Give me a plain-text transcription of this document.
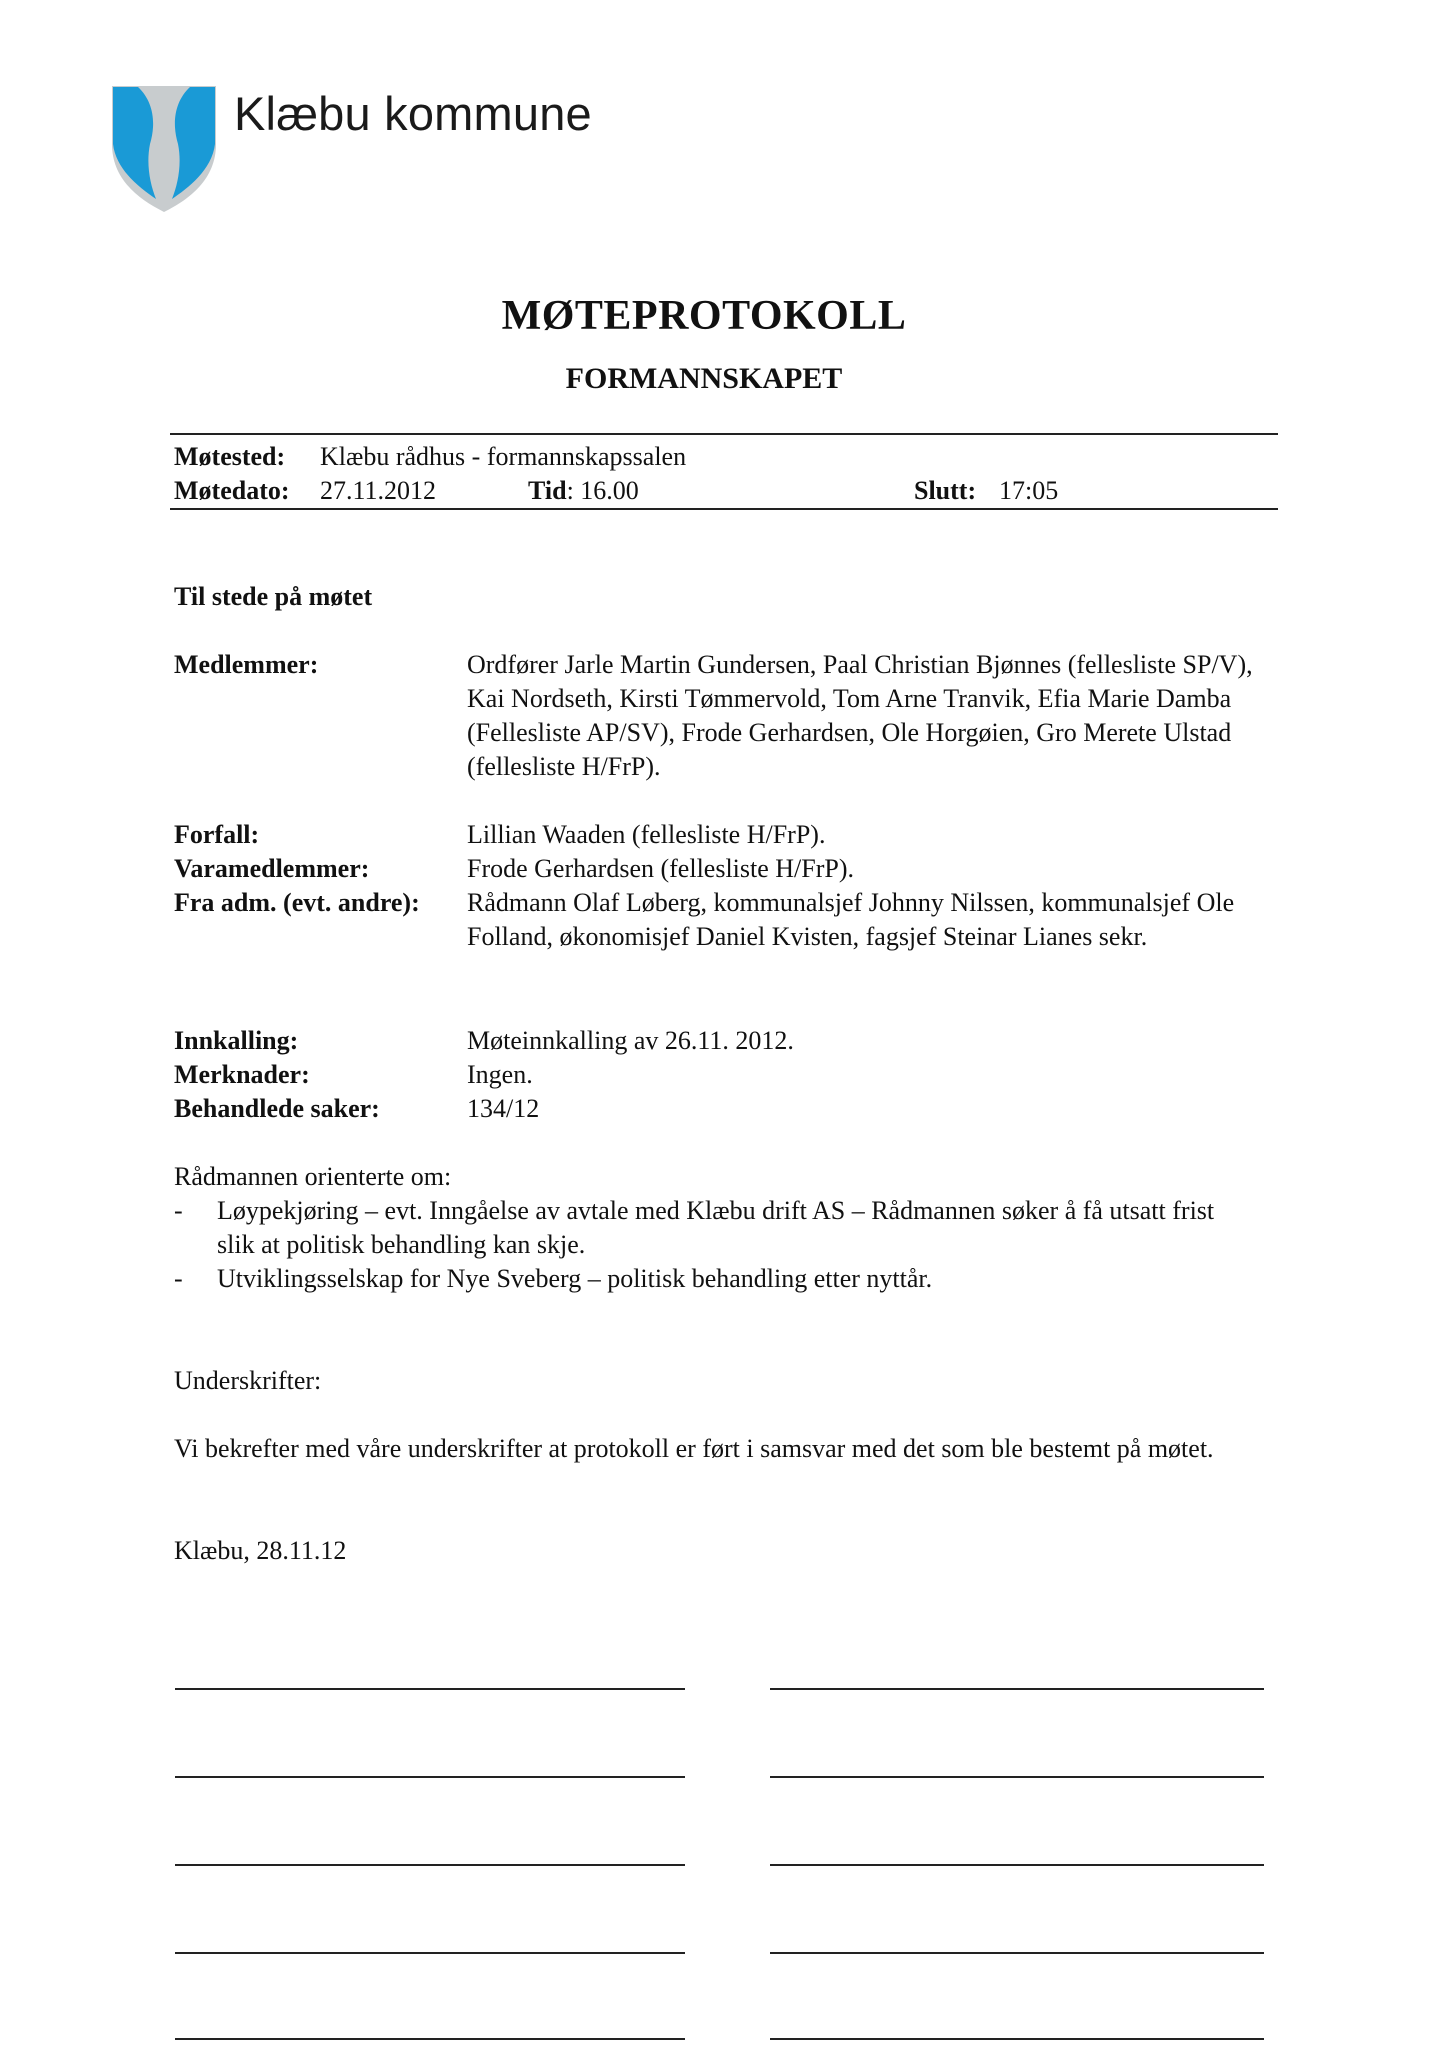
Klæbu kommune
MØTEPROTOKOLL
FORMANNSKAPET
Møtested: Klæbu rådhus - formannskapssalen
Møtedato: 27.11.2012	Tid: 16.00	Slutt: 17:05
Til stede på møtet
Medlemmer:	Ordfører Jarle Martin Gundersen, Paal Christian Bjønnes (fellesliste SP/V), Kai Nordseth, Kirsti Tømmervold, Tom Arne Tranvik, Efia Marie Damba (Fellesliste AP/SV), Frode Gerhardsen, Ole Horgøien, Gro Merete Ulstad (fellesliste H/FrP).
Forfall:	Lillian Waaden (fellesliste H/FrP).
Varamedlemmer:	Frode Gerhardsen (fellesliste H/FrP).
Fra adm. (evt. andre): Rådmann Olaf Løberg, kommunalsjef Johnny Nilssen, kommunalsjef Ole Folland, økonomisjef Daniel Kvisten, fagsjef Steinar Lianes sekr.
Innkalling:	Møteinnkalling av 26.11. 2012.
Merknader:	Ingen.
Behandlede saker:	134/12
Rådmannen orienterte om:
- Løypekjøring – evt. Inngåelse av avtale med Klæbu drift AS – Rådmannen søker å få utsatt frist slik at politisk behandling kan skje.
- Utviklingsselskap for Nye Sveberg – politisk behandling etter nyttår.
Underskrifter:
Vi bekrefter med våre underskrifter at protokoll er ført i samsvar med det som ble bestemt på møtet.
Klæbu, 28.11.12
